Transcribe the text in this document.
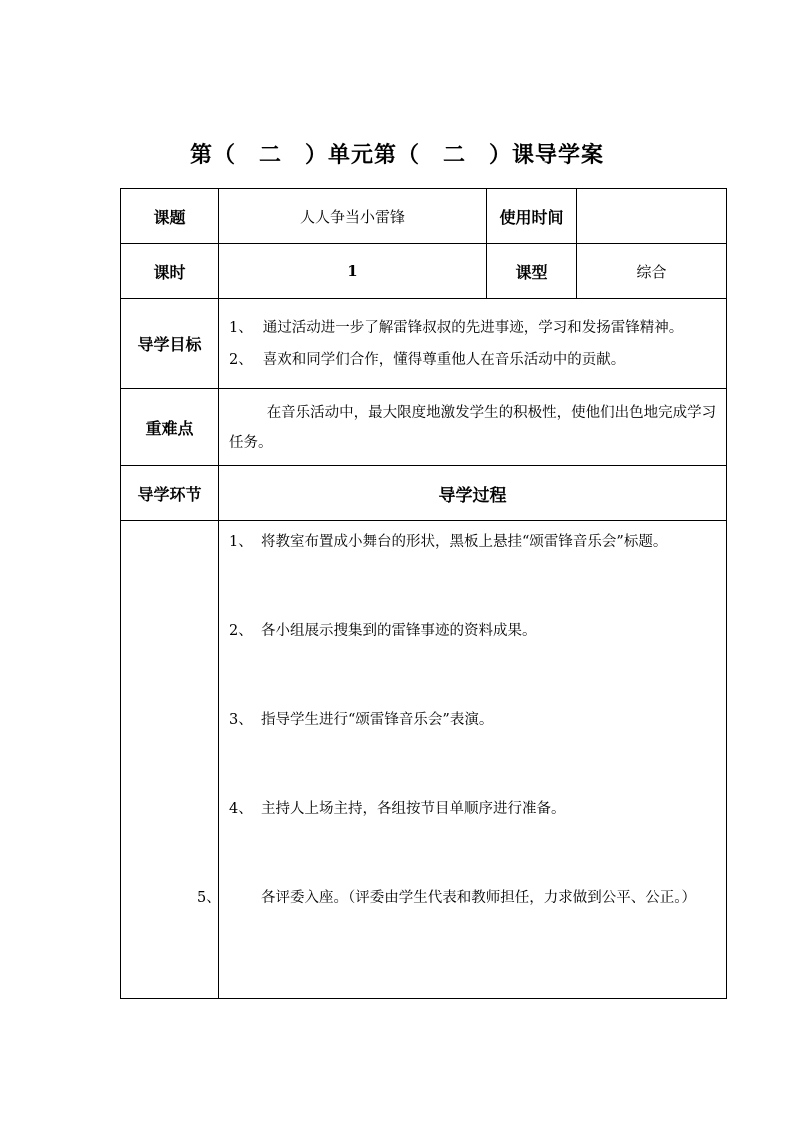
第（　二　）单元第（　二　）课导学案
课题	人人争当小雷锋	使用时间	
课时	1	课型	综合
导学目标	1、 通过活动进一步了解雷锋叔叔的先进事迹，学习和发扬雷锋精神。
2、 喜欢和同学们合作，懂得尊重他人在音乐活动中的贡献。		

重难点	在音乐活动中，最大限度地激发学生的积极性，使他们出色地完成学习任务。		
导学环节	导学过程		

	1、 将教室布置成小舞台的形状，黑板上悬挂“颂雷锋音乐会”标题。
2、 各小组展示搜集到的雷锋事迹的资料成果。
3、 指导学生进行“颂雷锋音乐会”表演。
4、 主持人上场主持，各组按节目单顺序进行准备。
5、 各评委入座。（评委由学生代表和教师担任，力求做到公平、公正。）		
